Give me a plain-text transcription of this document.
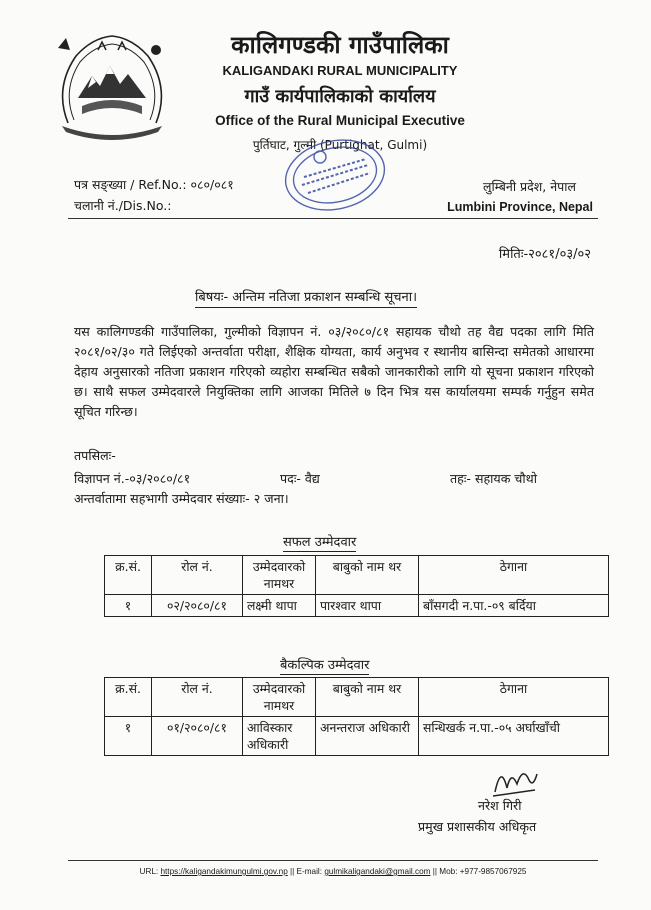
कालिगण्डकी गाउँपालिका
KALIGANDAKI RURAL MUNICIPALITY
गाउँ कार्यपालिकाको कार्यालय
Office of the Rural Municipal Executive
पुर्तिघाट, गुल्मी (Purtighat, Gulmi)
पत्र सङ्ख्या / Ref.No.: ०८०/०८१
चलानी नं./Dis.No.:
लुम्बिनी प्रदेश, नेपाल
Lumbini Province, Nepal
मितिः-२०८१/०३/०२
बिषयः- अन्तिम नतिजा प्रकाशन सम्बन्धि सूचना।
यस कालिगण्डकी गाउँपालिका, गुल्मीको विज्ञापन नं. ०३/२०८०/८१ सहायक चौथो तह वैद्य पदका लागि मिति २०८१/०२/३० गते लिईएको अन्तर्वाता परीक्षा, शैक्षिक योग्यता, कार्य अनुभव र स्थानीय बासिन्दा समेतको आधारमा देहाय अनुसारको नतिजा प्रकाशन गरिएको व्यहोरा सम्बन्धित सबैको जानकारीको लागि यो सूचना प्रकाशन गरिएको छ। साथै सफल उम्मेदवारले नियुक्तिका लागि आजका मितिले ७ दिन भित्र यस कार्यालयमा सम्पर्क गर्नुहुन समेत सूचित गरिन्छ।
तपसिलः-
विज्ञापन नं.-०३/२०८०/८१	पदः- वैद्य	तहः- सहायक चौथो
अन्तर्वातामा सहभागी उम्मेदवार संख्याः- २ जना।
सफल उम्मेदवार
क्र.सं.	रोल नं.	उम्मेदवारको नामथर	बाबुको नाम थर	ठेगाना
१	०२/२०८०/८१	लक्ष्मी थापा	पारश्वार थापा	बाँसगदी न.पा.-०९ बर्दिया
बैकल्पिक उम्मेदवार
क्र.सं.	रोल नं.	उम्मेदवारको नामथर	बाबुको नाम थर	ठेगाना
१	०१/२०८०/८१	आविस्कार अधिकारी	अनन्तराज अधिकारी	सन्धिखर्क न.पा.-०५ अर्घाखाँची
नरेश गिरी
प्रमुख प्रशासकीय अधिकृत
URL: https://kaligandakimungulmi.gov.np || E-mail: gulmikaligandaki@gmail.com || Mob: +977-9857067925
